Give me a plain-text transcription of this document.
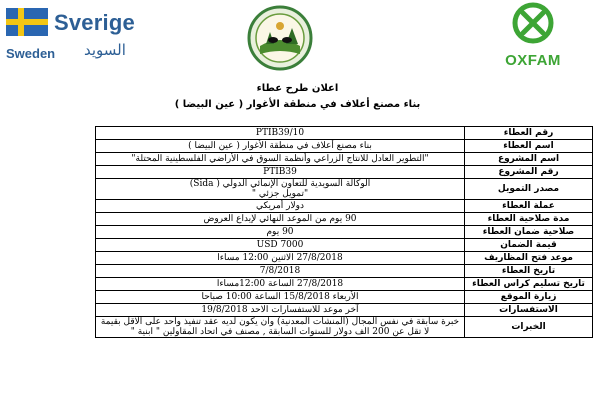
Sverige
Sweden السويد
OXFAM
اعلان طرح عطاء
بناء مصنع أعلاف في منطقة الأغوار ( عين البيضا )
PTIB39/10	رقم العطاء

بناء مصنع أعلاف في منطقة الأغوار ( عين البيضا )	اسم العطاء

"التطوير العادل للانتاج الزراعي وأنظمة السوق في الأراضي الفلسطينية المحتلة"	اسم المشروع

PTIB39	رقم المشروع

الوكالة السويدية للتعاون الإنمائي الدولي ( Sida)
"تمويل جزئي "	مصدر التمويل

دولار أمريكي	عملة العطاء

90 يوم من الموعد النهائي لإيداع العروض	مدة صلاحية العطاء

90 يوم	صلاحية ضمان العطاء

USD 7000	قيمة الضمان

27/8/2018 الاثنين 12:00 مساءا	موعد فتح المظاريف

7/8/2018	تاريخ العطاء

27/8/2018 الساعة 12:00مساءا	تاريخ تسليم كراس العطاء

الأربعاء 15/8/2018 الساعة 10:00 صباحا	زيارة الموقع

آخر موعد للاستفسارات الاحد 19/8/2018	الاستفسارات

خبرة سابقة في نفس المجال (المنشآت المعدنية) وان يكون لديه عقد تنفيذ واحد على الاقل بقيمة
لا تقل عن 200 الف دولار للسنوات السابقة , مصنف في اتحاد المقاولين " ابنية "	الخبرات
